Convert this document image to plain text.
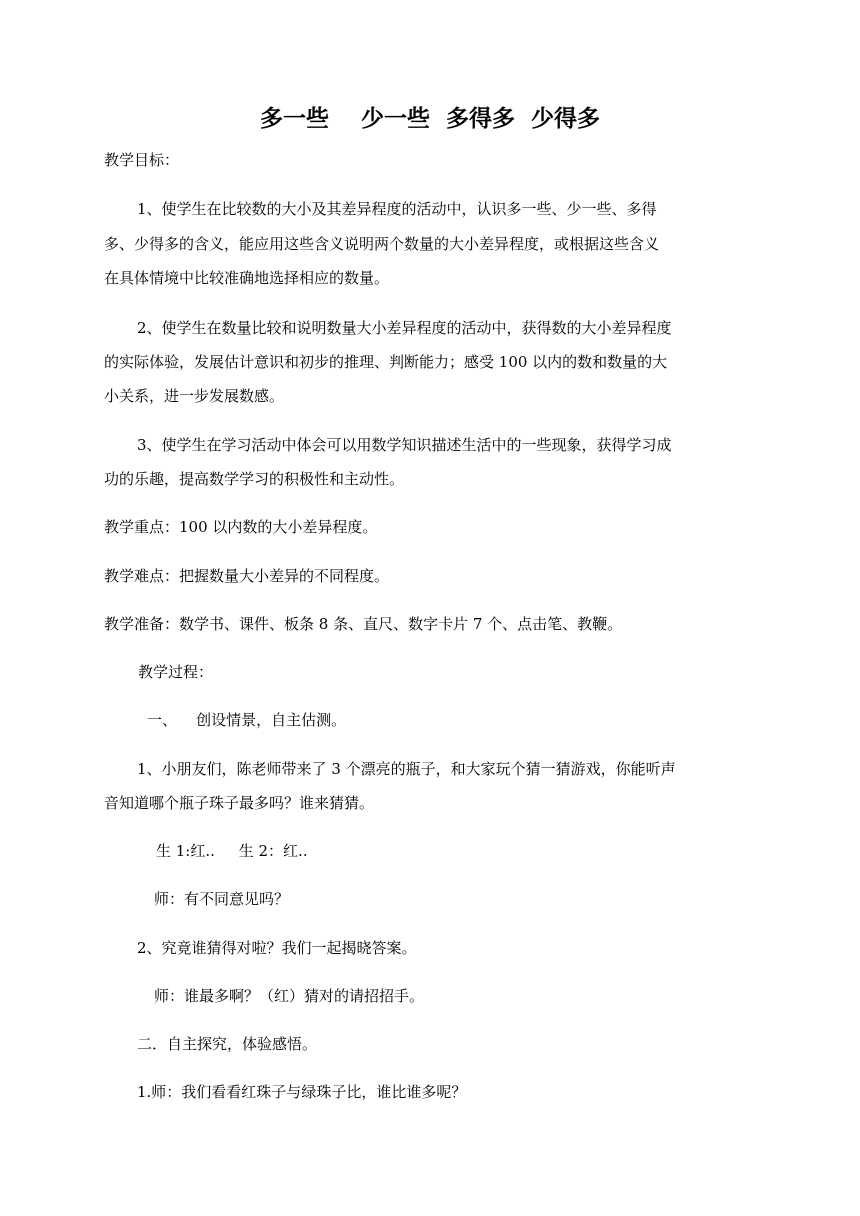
多一些    少一些  多得多  少得多

教学目标：

1、使学生在比较数的大小及其差异程度的活动中，认识多一些、少一些、多得

多、少得多的含义，能应用这些含义说明两个数量的大小差异程度，或根据这些含义

在具体情境中比较准确地选择相应的数量。

2、使学生在数量比较和说明数量大小差异程度的活动中，获得数的大小差异程度

的实际体验，发展估计意识和初步的推理、判断能力；感受 100 以内的数和数量的大

小关系，进一步发展数感。

3、使学生在学习活动中体会可以用数学知识描述生活中的一些现象，获得学习成

功的乐趣，提高数学学习的积极性和主动性。

教学重点：100 以内数的大小差异程度。

教学难点：把握数量大小差异的不同程度。

教学准备：数学书、课件、板条 8 条、直尺、数字卡片 7 个、点击笔、教鞭。

教学过程：

一、    创设情景，自主估测。

1、小朋友们，陈老师带来了 3 个漂亮的瓶子，和大家玩个猜一猜游戏，你能听声

音知道哪个瓶子珠子最多吗？谁来猜猜。

生 1:红..     生 2：红..

师：有不同意见吗？

2、究竟谁猜得对啦？我们一起揭晓答案。

师：谁最多啊？（红）猜对的请招招手。

二．自主探究，体验感悟。

1.师：我们看看红珠子与绿珠子比，谁比谁多呢？
